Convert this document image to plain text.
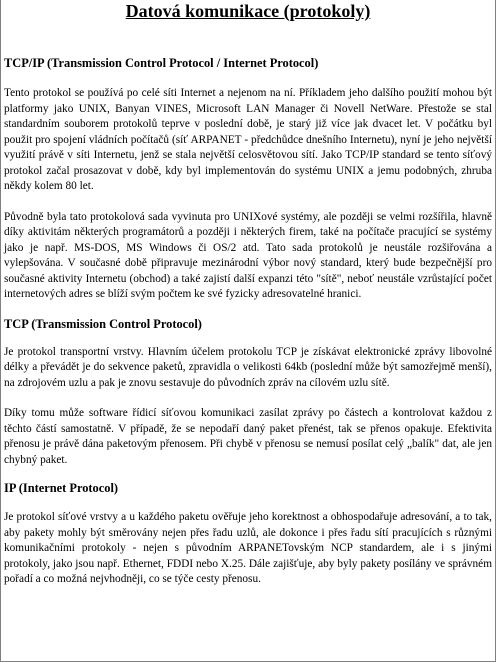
Datová komunikace (protokoly)
TCP/IP (Transmission Control Protocol / Internet Protocol)

Tento protokol se používá po celé síti Internet a nejenom na ní. Příkladem jeho dalšího použití mohou být platformy jako UNIX, Banyan VINES, Microsoft LAN Manager či Novell NetWare. Přestože se stal standardním souborem protokolů teprve v poslední době, je starý již více jak dvacet let. V počátku byl použit pro spojení vládních počítačů (síť ARPANET - předchůdce dnešního Internetu), nyní je jeho největší využití právě v síti Internetu, jenž se stala největší celosvětovou sítí. Jako TCP/IP standard se tento síťový protokol začal prosazovat v době, kdy byl implementován do systému UNIX a jemu podobných, zhruba někdy kolem 80 let.

Původně byla tato protokolová sada vyvinuta pro UNIXové systémy, ale později se velmi rozšířila, hlavně díky aktivitám některých programátorů a později i některých firem, také na počítače pracující se systémy jako je např. MS-DOS, MS Windows či OS/2 atd. Tato sada protokolů je neustále rozšiřována a vylepšována. V současné době připravuje mezinárodní výbor nový standard, který bude bezpečnější pro současné aktivity Internetu (obchod) a také zajistí další expanzi této "sítě", neboť neustále vzrůstající počet internetových adres se blíží svým počtem ke své fyzicky adresovatelné hranici.

TCP (Transmission Control Protocol)

Je protokol transportní vrstvy. Hlavním účelem protokolu TCP je získávat elektronické zprávy libovolné délky a převádět je do sekvence paketů, zpravidla o velikosti 64kb (poslední může být samozřejmě menší), na zdrojovém uzlu a pak je znovu sestavuje do původních zpráv na cílovém uzlu sítě.

Díky tomu může software řídicí síťovou komunikaci zasílat zprávy po částech a kontrolovat každou z těchto částí samostatně. V případě, že se nepodaří daný paket přenést, tak se přenos opakuje. Efektivita přenosu je právě dána paketovým přenosem. Při chybě v přenosu se nemusí posílat celý „balík" dat, ale jen chybný paket.

IP (Internet Protocol)

Je protokol síťové vrstvy a u každého paketu ověřuje jeho korektnost a obhospodařuje adresování, a to tak, aby pakety mohly být směrovány nejen přes řadu uzlů, ale dokonce i přes řadu sítí pracujících s různými komunikačními protokoly - nejen s původním ARPANETovským NCP standardem, ale i s jinými protokoly, jako jsou např. Ethernet, FDDI nebo X.25. Dále zajišťuje, aby byly pakety posílány ve správném pořadí a co možná nejvhodněji, co se týče cesty přenosu.
